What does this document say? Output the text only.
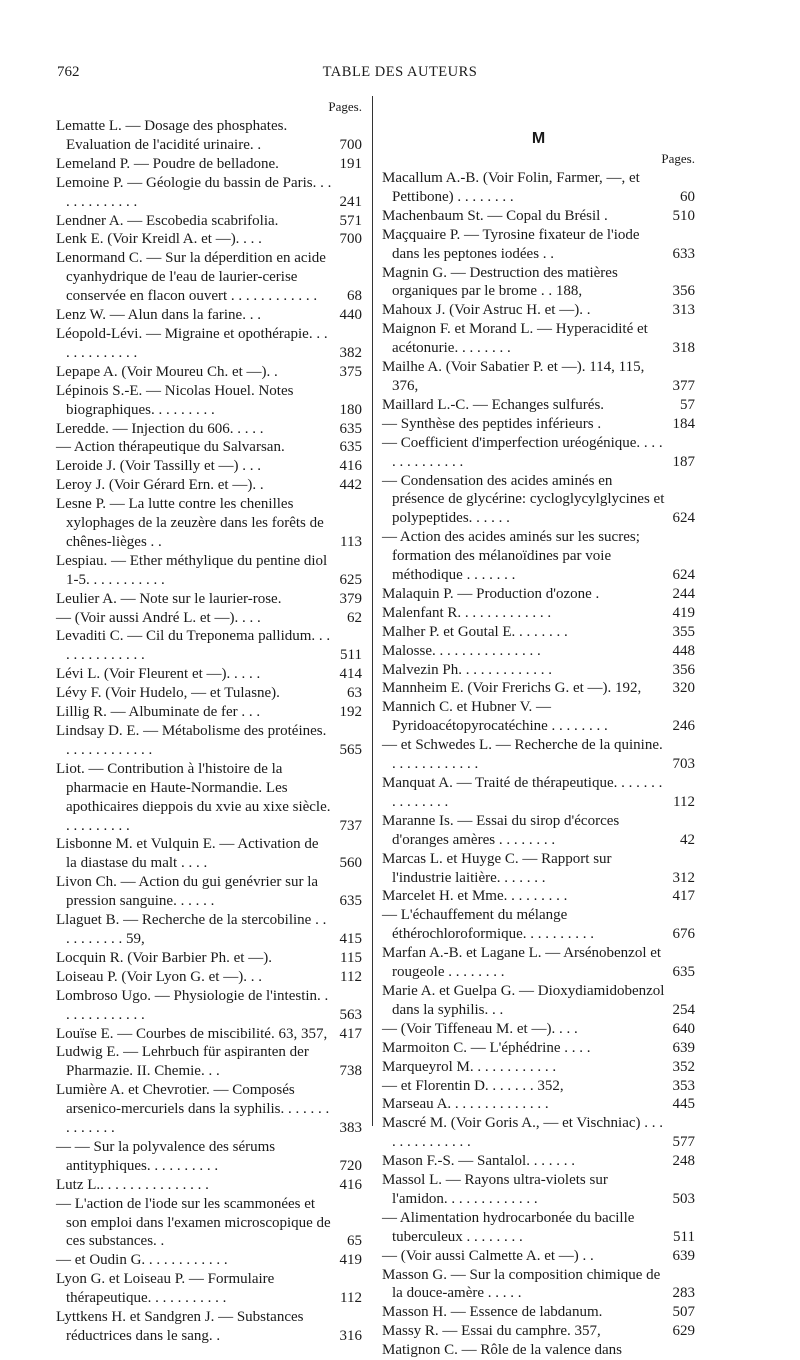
762	TABLE DES AUTEURS
Pages.
Lematte L. — Dosage des phosphates. Evaluation de l'acidité urinaire. .	700
Lemeland P. — Poudre de belladone.	191
Lemoine P. — Géologie du bassin de Paris. . . . . . . . . . . . .	241
Lendner A. — Escobedia scabrifolia.	571
Lenk E. (Voir Kreidl A. et —). . . .	700
Lenormand C. — Sur la déperdition en acide cyanhydrique de l'eau de laurier-cerise conservée en flacon ouvert . . . . . . . . . . . . 68
Lenz W. — Alun dans la farine. . .	440
Léopold-Lévi. — Migraine et opothérapie. . . . . . . . . . . . .	382
Lepape A. (Voir Moureu Ch. et —). .	375
Lépinois S.-E. — Nicolas Houel. Notes biographiques. . . . . . . . .	180
Leredde. — Injection du 606. . . . .	635
— Action thérapeutique du Salvarsan.	635
Leroide J. (Voir Tassilly et —) . . .	416
Leroy J. (Voir Gérard Ern. et —). .	442
Lesne P. — La lutte contre les chenilles xylophages de la zeuzère dans les forêts de chênes-lièges . .	113
Lespiau. — Ether méthylique du pentine diol 1-5. . . . . . . . . . .	625
Leulier A. — Note sur le laurier-rose.	379
— (Voir aussi André L. et —). . . .	62
Levaditi C. — Cil du Treponema pallidum. . . . . . . . . . . . . .	511
Lévi L. (Voir Fleurent et —). . . . .	414
Lévy F. (Voir Hudelo, — et Tulasne).	63
Lillig R. — Albuminate de fer . . .	192
Lindsay D. E. — Métabolisme des protéines. . . . . . . . . . . . .	565
Liot. — Contribution à l'histoire de la pharmacie en Haute-Normandie. Les apothicaires dieppois du xvie au xixe siècle. . . . . . . . . .	737
Lisbonne M. et Vulquin E. — Activation de la diastase du malt . . . .	560
Livon Ch. — Action du gui genévrier sur la pression sanguine. . . . . .	635
Llaguet B. — Recherche de la stercobiline . . . . . . . . . . 59,	415
Locquin R. (Voir Barbier Ph. et —).	115
Loiseau P. (Voir Lyon G. et —). . .	112
Lombroso Ugo. — Physiologie de l'intestin. . . . . . . . . . . . .	563
Louïse E. — Courbes de miscibilité. 63, 357, 417
Ludwig E. — Lehrbuch für aspiranten der Pharmazie. II. Chemie. . .	738
Lumière A. et Chevrotier. — Composés arsenico-mercuriels dans la syphilis. . . . . . . . . . . . . .	383
— — Sur la polyvalence des sérums antityphiques. . . . . . . . . .	720
Lutz L.. . . . . . . . . . . . . . .	416
— L'action de l'iode sur les scammonées et son emploi dans l'examen microscopique de ces substances. .	65
— et Oudin G. . . . . . . . . . . .	419
Lyon G. et Loiseau P. — Formulaire thérapeutique. . . . . . . . . . .	112
Lyttkens H. et Sandgren J. — Substances réductrices dans le sang. .	316
M
Pages.
Macallum A.-B. (Voir Folin, Farmer, —, et Pettibone) . . . . . . . .	60
Machenbaum St. — Copal du Brésil .	510
Maçquaire P. — Tyrosine fixateur de l'iode dans les peptones iodées . .	633
Magnin G. — Destruction des matières organiques par le brome . . 188,	356
Mahoux J. (Voir Astruc H. et —). .	313
Maignon F. et Morand L. — Hyperacidité et acétonurie. . . . . . . .	318
Mailhe A. (Voir Sabatier P. et —). 114, 115, 376,	377
Maillard L.-C. — Echanges sulfurés.	57
— Synthèse des peptides inférieurs .	184
— Coefficient d'imperfection uréogénique. . . . . . . . . . . . . .	187
— Condensation des acides aminés en présence de glycérine: cycloglycylglycines et polypeptides. . . . . .	624
— Action des acides aminés sur les sucres; formation des mélanoïdines par voie méthodique . . . . . . .	624
Malaquin P. — Production d'ozone .	244
Malenfant R. . . . . . . . . . . . .	419
Malher P. et Goutal E. . . . . . . .	355
Malosse. . . . . . . . . . . . . . .	448
Malvezin Ph. . . . . . . . . . . . .	356
Mannheim E. (Voir Frerichs G. et —). 192, 320
Mannich C. et Hubner V. — Pyridoacétopyrocatéchine . . . . . . . .	246
— et Schwedes L. — Recherche de la quinine. . . . . . . . . . . . .	703
Manquat A. — Traité de thérapeutique. . . . . . . . . . . . . . .	112
Maranne Is. — Essai du sirop d'écorces d'oranges amères . . . . . . . .	42
Marcas L. et Huyge C. — Rapport sur l'industrie laitière. . . . . . .	312
Marcelet H. et Mme. . . . . . . . .	417
— L'échauffement du mélange éthérochloroformique. . . . . . . . . .	676
Marfan A.-B. et Lagane L. — Arsénobenzol et rougeole . . . . . . . .	635
Marie A. et Guelpa G. — Dioxydiamidobenzol dans la syphilis. . .	254
— (Voir Tiffeneau M. et —). . . .	640
Marmoiton C. — L'éphédrine . . . .	639
Marqueyrol M. . . . . . . . . . . .	352
— et Florentin D. . . . . . . 352,	353
Marseau A. . . . . . . . . . . . . .	445
Mascré M. (Voir Goris A., — et Vischniac) . . . . . . . . . . . . . .	577
Mason F.-S. — Santalol. . . . . . .	248
Massol L. — Rayons ultra-violets sur l'amidon. . . . . . . . . . . . .	503
— Alimentation hydrocarbonée du bacille tuberculeux . . . . . . . .	511
— (Voir aussi Calmette A. et —) . .	639
Masson G. — Sur la composition chimique de la douce-amère . . . . .	283
Masson H. — Essence de labdanum.	507
Massy R. — Essai du camphre. 357,	629
Matignon C. — Rôle de la valence dans
